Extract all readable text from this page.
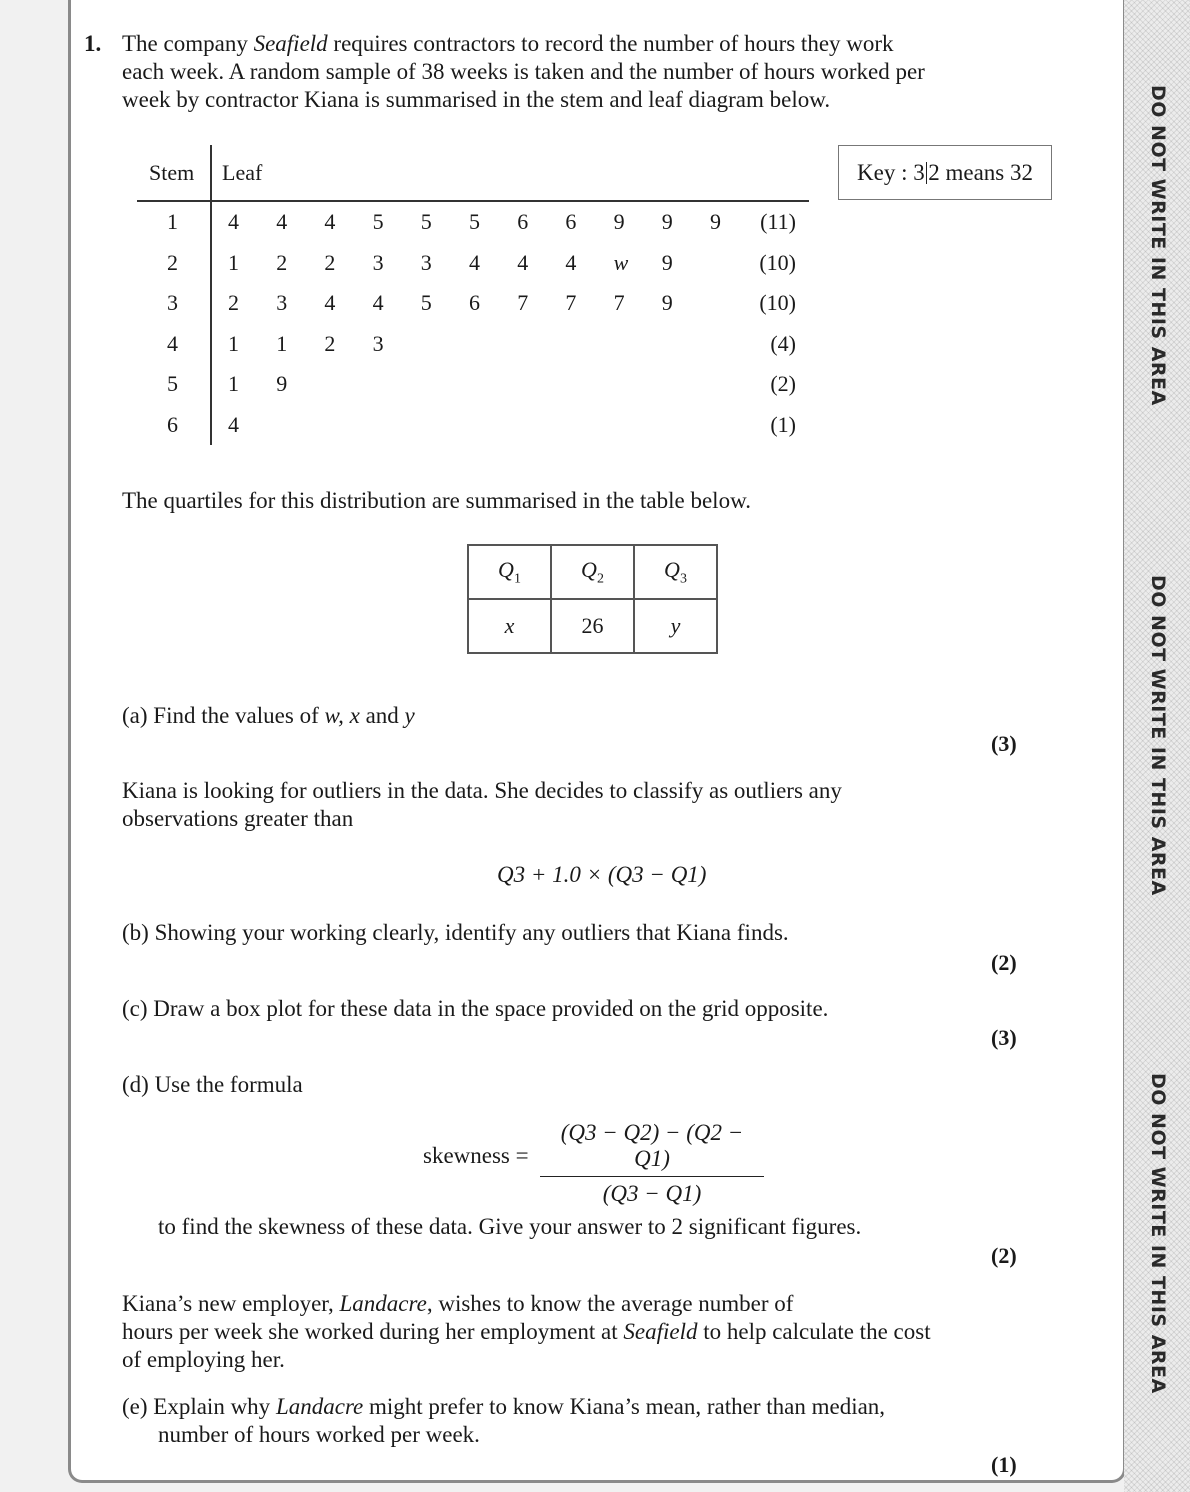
DO NOT WRITE IN THIS AREA
DO NOT WRITE IN THIS AREA
DO NOT WRITE IN THIS AREA
1. The company Seafield requires contractors to record the number of hours they work
each week. A random sample of 38 weeks is taken and the number of hours worked per
week by contractor Kiana is summarised in the stem and leaf diagram below.
Stem Leaf
1 4 4 4 5 5 5 6 6 9 9 9 (11)
2 1 2 2 3 3 4 4 4 w 9	(10)
3 2 3 4 4 5 6 7 7 7 9	(10)
4 1 1 2 3	(4)
5 1 9	(2)
6 4	(1)
Key : 3 2 means 32
The quartiles for this distribution are summarised in the table below.
$Q_1$	$Q_2$	$Q_3$
x	26	y
(a) Find the values of w, x and y
(3)
Kiana is looking for outliers in the data. She decides to classify as outliers any
observations greater than
Q3 + 1.0 × (Q3 − Q1)
(b) Showing your working clearly, identify any outliers that Kiana finds.
(2)
(c) Draw a box plot for these data in the space provided on the grid opposite.
(3)
(d) Use the formula
skewness = $\frac{(Q3 - Q2) - (Q2 - Q1)}{(Q3 - Q1)}$
to find the skewness of these data. Give your answer to 2 significant figures.
(2)
Kiana’s new employer, Landacre, wishes to know the average number of
hours per week she worked during her employment at Seafield to help calculate the cost
of employing her.
(e) Explain why Landacre might prefer to know Kiana’s mean, rather than median,
number of hours worked per week.
(1)
